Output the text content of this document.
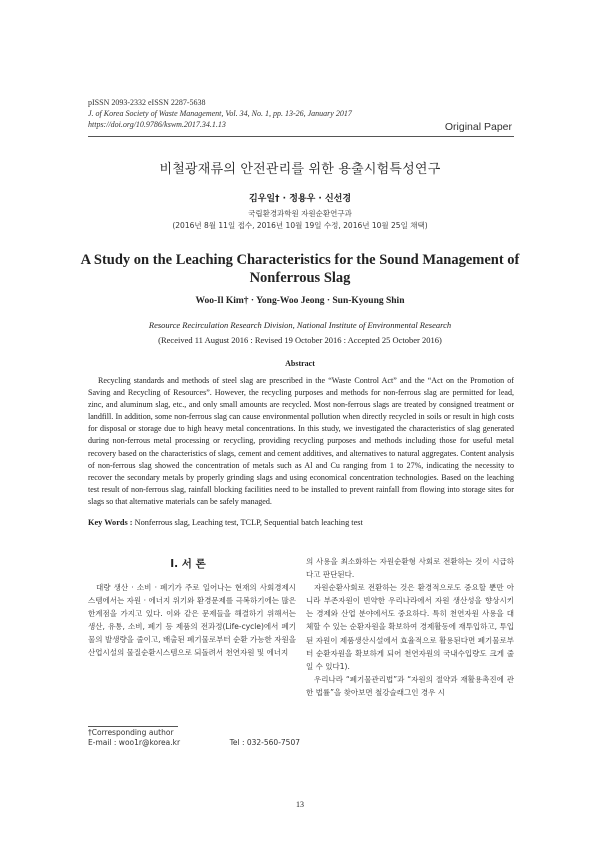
pISSN 2093-2332 eISSN 2287-5638
J. of Korea Society of Waste Management, Vol. 34, No. 1, pp. 13-26, January 2017
https://doi.org/10.9786/kswm.2017.34.1.13	Original Paper
비철광재류의 안전관리를 위한 용출시험특성연구
김우일† · 정용우 · 신선경
국립환경과학원 자원순환연구과
(2016년 8월 11일 접수, 2016년 10월 19일 수정, 2016년 10월 25일 채택)
A Study on the Leaching Characteristics for the Sound Management of Nonferrous Slag
Woo-Il Kim† · Yong-Woo Jeong · Sun-Kyoung Shin
Resource Recirculation Research Division, National Institute of Environmental Research
(Received 11 August 2016 : Revised 19 October 2016 : Accepted 25 October 2016)
Abstract
Recycling standards and methods of steel slag are prescribed in the “Waste Control Act” and the “Act on the Promotion of Saving and Recycling of Resources”. However, the recycling purposes and methods for non-ferrous slag are permitted for lead, zinc, and aluminum slag, etc., and only small amounts are recycled. Most non-ferrous slags are treated by consigned treatment or landfill. In addition, some non-ferrous slag can cause environmental pollution when directly recycled in soils or result in high costs for disposal or storage due to high heavy metal concentrations. In this study, we investigated the characteristics of slag generated during non-ferrous metal processing or recycling, providing recycling purposes and methods including those for useful metal recovery based on the characteristics of slags, cement and cement additives, and alternatives to natural aggregates. Content analysis of non-ferrous slag showed the concentration of metals such as Al and Cu ranging from 1 to 27%, indicating the necessity to recover the secondary metals by properly grinding slags and using economical concentration technologies. Based on the leaching test result of non-ferrous slag, rainfall blocking facilities need to be installed to prevent rainfall from flowing into storage sites for slags so that alternative materials can be safely managed.
Key Words : Nonferrous slag, Leaching test, TCLP, Sequential batch leaching test
I. 서 론

대량 생산 · 소비 · 폐기가 주로 일어나는 현재의 사회경제시스템에서는 자원 · 에너지 위기와 환경문제를 극복하기에는 많은 한계점을 가지고 있다. 이와 같은 문제들을 해결하기 위해서는 생산, 유통, 소비, 폐기 등 제품의 전과정(Life-cycle)에서 폐기물의 발생량을 줄이고, 배출된 폐기물로부터 순환 가능한 자원을 산업시설의 물질순환시스템으로 되돌려서 천연자원 및 에너지

의 사용을 최소화하는 자원순환형 사회로 전환하는 것이 시급하다고 판단된다.

자원순환사회로 전환하는 것은 환경적으로도 중요할 뿐만 아니라 부존자원이 빈약한 우리나라에서 자원 생산성을 향상시키는 경제와 산업 분야에서도 중요하다. 특히 천연자원 사용을 대체할 수 있는 순환자원을 확보하여 경제활동에 재투입하고, 투입된 자원이 제품생산시설에서 효율적으로 활용된다면 폐기물로부터 순환자원을 확보하게 되어 천연자원의 국내수입량도 크게 줄일 수 있다1).

우리나라 “폐기물관리법”과 “자원의 절약과 재활용촉진에 관한 법률”을 찾아보면 철강슬래그인 경우 시

†Corresponding author
E-mail : woo1r@korea.kr	Tel : 032-560-7507
13
